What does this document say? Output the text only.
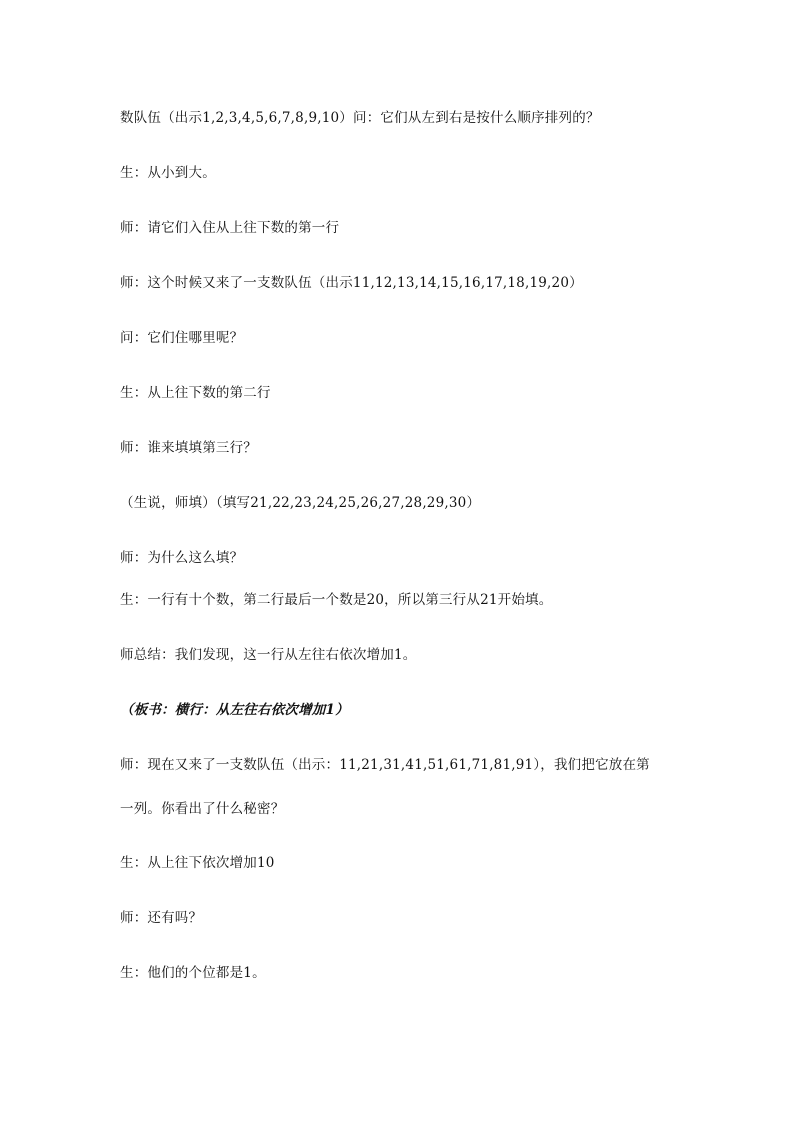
数队伍（出示1,2,3,4,5,6,7,8,9,10）问：它们从左到右是按什么顺序排列的？
生：从小到大。
师：请它们入住从上往下数的第一行
师：这个时候又来了一支数队伍（出示11,12,13,14,15,16,17,18,19,20）
问：它们住哪里呢？
生：从上往下数的第二行
师：谁来填填第三行？
（生说，师填）（填写21,22,23,24,25,26,27,28,29,30）
师：为什么这么填？
生：一行有十个数，第二行最后一个数是20，所以第三行从21开始填。
师总结：我们发现，这一行从左往右依次增加1。
（板书：横行：从左往右依次增加1）
师：现在又来了一支数队伍（出示：11,21,31,41,51,61,71,81,91），我们把它放在第
一列。你看出了什么秘密？
生：从上往下依次增加10
师：还有吗？
生：他们的个位都是1。
